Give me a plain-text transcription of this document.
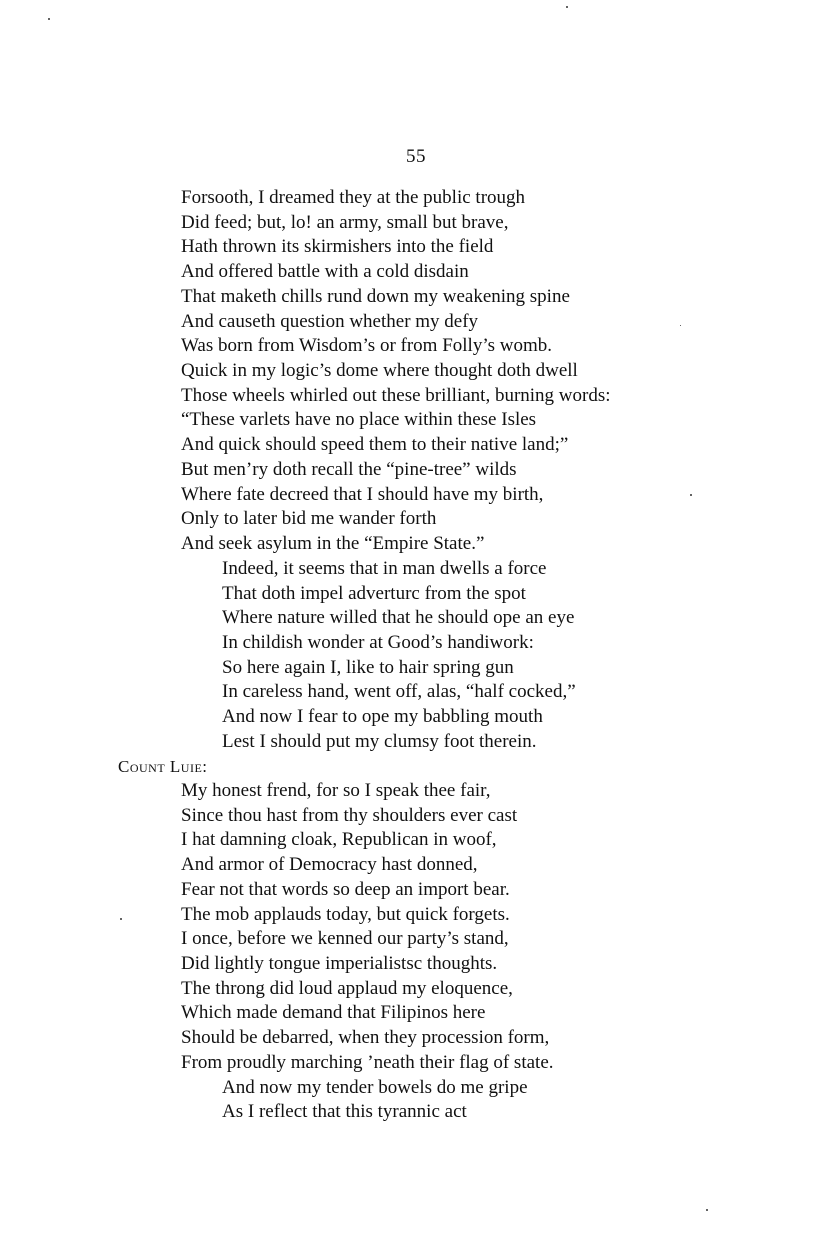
55
Forsooth, I dreamed they at the public trough
Did feed; but, lo! an army, small but brave,
Hath thrown its skirmishers into the field
And offered battle with a cold disdain
That maketh chills rund down my weakening spine
And causeth question whether my defy
Was born from Wisdom’s or from Folly’s womb.
Quick in my logic’s dome where thought doth dwell
Those wheels whirled out these brilliant, burning words:
“These varlets have no place within these Isles
And quick should speed them to their native land;”
But men’ry doth recall the “pine-tree” wilds
Where fate decreed that I should have my birth,
Only to later bid me wander forth
And seek asylum in the “Empire State.”
Indeed, it seems that in man dwells a force
That doth impel adverturc from the spot
Where nature willed that he should ope an eye
In childish wonder at Good’s handiwork:
So here again I, like to hair spring gun
In careless hand, went off, alas, “half cocked,”
And now I fear to ope my babbling mouth
Lest I should put my clumsy foot therein.
Count Luie:
My honest frend, for so I speak thee fair,
Since thou hast from thy shoulders ever cast
I hat damning cloak, Republican in woof,
And armor of Democracy hast donned,
Fear not that words so deep an import bear.
The mob applauds today, but quick forgets.
I once, before we kenned our party’s stand,
Did lightly tongue imperialistsc thoughts.
The throng did loud applaud my eloquence,
Which made demand that Filipinos here
Should be debarred, when they procession form,
From proudly marching ’neath their flag of state.
And now my tender bowels do me gripe
As I reflect that this tyrannic act
